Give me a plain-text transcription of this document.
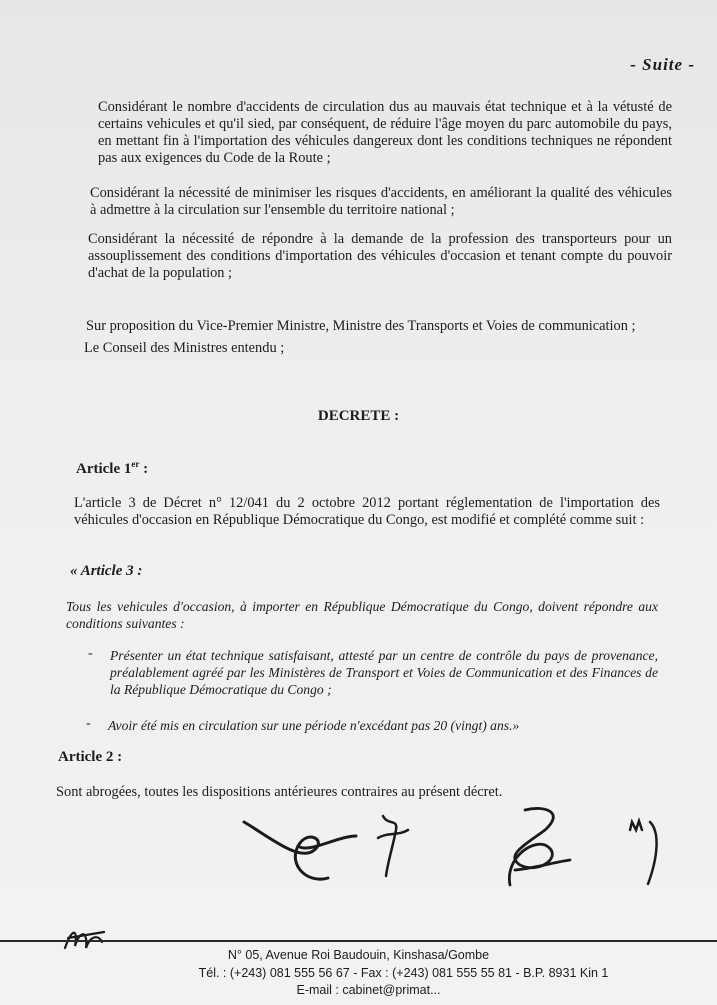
- Suite -

Considérant le nombre d'accidents de circulation dus au mauvais état technique et à la vétusté de certains vehicules et qu'il sied, par conséquent, de réduire l'âge moyen du parc automobile du pays, en mettant fin à l'importation des véhicules dangereux dont les conditions techniques ne répondent pas aux exigences du Code de la Route ;

Considérant la nécessité de minimiser les risques d'accidents, en améliorant la qualité des véhicules à admettre à la circulation sur l'ensemble du territoire national ;

Considérant la nécessité de répondre à la demande de la profession des transporteurs pour un assouplissement des conditions d'importation des véhicules d'occasion et tenant compte du pouvoir d'achat de la population ;

Sur proposition du Vice-Premier Ministre, Ministre des Transports et Voies de communication ;

Le Conseil des Ministres entendu ;

DECRETE :
Article 1er :

L'article 3 de Décret n° 12/041 du 2 octobre 2012 portant réglementation de l'importation des véhicules d'occasion en République Démocratique du Congo, est modifié et complété comme suit :

« Article 3 :

Tous les vehicules d'occasion, à importer en République Démocratique du Congo, doivent répondre aux conditions suivantes :

- Présenter un état technique satisfaisant, attesté par un centre de contrôle du pays de provenance, préalablement agréé par les Ministères de Transport et Voies de Communication et des Finances de la République Démocratique du Congo ;

- Avoir été mis en circulation sur une période n'excédant pas 20 (vingt) ans.»

Article 2 :

Sont abrogées, toutes les dispositions antérieures contraires au présent décret.

N° 05, Avenue Roi Baudouin, Kinshasa/Gombe
Tél. : (+243) 081 555 56 67 - Fax : (+243) 081 555 55 81 - B.P. 8931 Kin 1
E-mail : cabinet@primat...
